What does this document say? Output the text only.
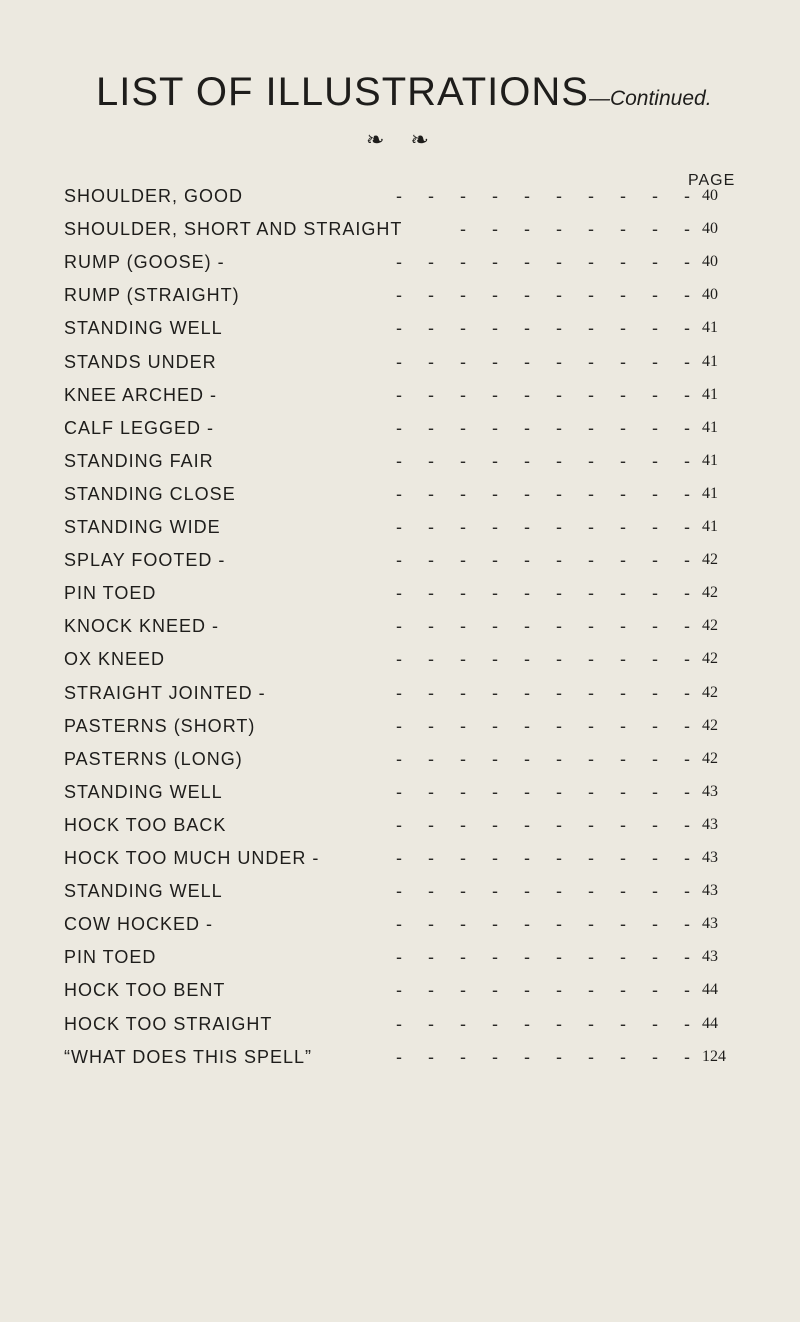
LIST OF ILLUSTRATIONS—Continued.
❧ ❧
PAGE
SHOULDER, GOOD	40
- - - - - - - - - -
SHOULDER, SHORT AND STRAIGHT	40
- - - - - - - -
RUMP (GOOSE) -	40
- - - - - - - - - -
RUMP (STRAIGHT)	40
- - - - - - - - - -
STANDING WELL	41
- - - - - - - - - -
STANDS UNDER	41
- - - - - - - - - -
KNEE ARCHED -	41
- - - - - - - - - -
CALF LEGGED -	41
- - - - - - - - - -
STANDING FAIR	41
- - - - - - - - - -
STANDING CLOSE	41
- - - - - - - - - -
STANDING WIDE	41
- - - - - - - - - -
SPLAY FOOTED -	42
- - - - - - - - - -
PIN TOED	42
- - - - - - - - - -
KNOCK KNEED -	42
- - - - - - - - - -
OX KNEED	42
- - - - - - - - - -
STRAIGHT JOINTED -	42
- - - - - - - - - -
PASTERNS (SHORT)	42
- - - - - - - - - -
PASTERNS (LONG)	42
- - - - - - - - - -
STANDING WELL	43
- - - - - - - - - -
HOCK TOO BACK	43
- - - - - - - - - -
HOCK TOO MUCH UNDER -	43
- - - - - - - - - -
STANDING WELL	43
- - - - - - - - - -
COW HOCKED -	43
- - - - - - - - - -
PIN TOED	43
- - - - - - - - - -
HOCK TOO BENT	44
- - - - - - - - - -
HOCK TOO STRAIGHT	44
- - - - - - - - - -
“WHAT DOES THIS SPELL”	124
- - - - - - - - - -
